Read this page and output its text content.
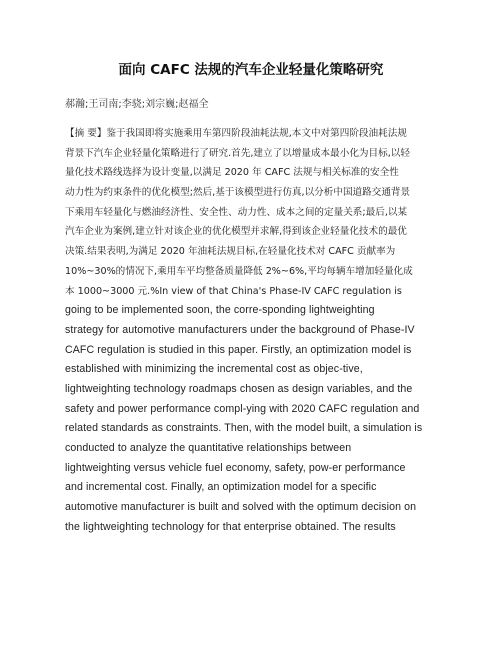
面向 CAFC 法规的汽车企业轻量化策略研究
郝瀚;王司南;李骁;刘宗巍;赵福全
【摘 要】鉴于我国即将实施乘用车第四阶段油耗法规,本文中对第四阶段油耗法规
背景下汽车企业轻量化策略进行了研究.首先,建立了以增量成本最小化为目标,以轻
量化技术路线选择为设计变量,以满足 2020 年 CAFC 法规与相关标准的安全性
动力性为约束条件的优化模型;然后,基于该模型进行仿真,以分析中国道路交通背景
下乘用车轻量化与燃油经济性、安全性、动力性、成本之间的定量关系;最后,以某
汽车企业为案例,建立针对该企业的优化模型并求解,得到该企业轻量化技术的最优
决策.结果表明,为满足 2020 年油耗法规目标,在轻量化技术对 CAFC 贡献率为
10%~30%的情况下,乘用车平均整备质量降低 2%~6%,平均每辆车增加轻量化成
本 1000~3000 元.%In view of that China's Phase-IV CAFC regulation is
going to be implemented soon, the corre-sponding lightweighting
strategy for automotive manufacturers under the background of Phase-IV
CAFC regulation is studied in this paper. Firstly, an optimization model is
established with minimizing the incremental cost as objec-tive,
lightweighting technology roadmaps chosen as design variables, and the
safety and power performance compl-ying with 2020 CAFC regulation and
related standards as constraints. Then, with the model built, a simulation is
conducted to analyze the quantitative relationships between
lightweighting versus vehicle fuel economy, safety, pow-er performance
and incremental cost. Finally, an optimization model for a specific
automotive manufacturer is built and solved with the optimum decision on
the lightweighting technology for that enterprise obtained. The results
